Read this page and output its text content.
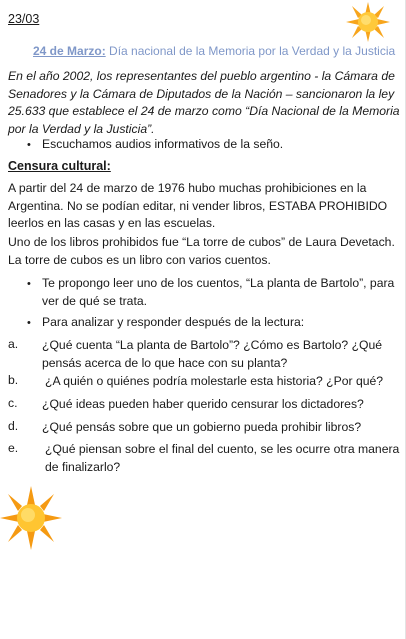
23/03
24 de Marzo: Día nacional de la Memoria por la Verdad y la Justicia
En el año 2002, los representantes del pueblo argentino - la Cámara de Senadores y la Cámara de Diputados de la Nación – sancionaron la ley 25.633 que establece el 24 de marzo como “Día Nacional de la Memoria por la Verdad y la Justicia”.
• Escuchamos audios informativos de la seño.
Censura cultural:
A partir del 24 de marzo de 1976 hubo muchas prohibiciones en la Argentina. No se podían editar, ni vender libros, ESTABA PROHIBIDO leerlos en las casas y en las escuelas.
Uno de los libros prohibidos fue “La torre de cubos” de Laura Devetach. La torre de cubos es un libro con varios cuentos.
• Te propongo leer uno de los cuentos, “La planta de Bartolo”, para ver de qué se trata.
• Para analizar y responder después de la lectura:
a. ¿Qué cuenta “La planta de Bartolo”? ¿Cómo es Bartolo? ¿Qué pensás acerca de lo que hace con su planta?
b. ¿A quién o quiénes podría molestarle esta historia? ¿Por qué?
c. ¿Qué ideas pueden haber querido censurar los dictadores?
d. ¿Qué pensás sobre que un gobierno pueda prohibir libros?
e. ¿Qué piensan sobre el final del cuento, se les ocurre otra manera de finalizarlo?
